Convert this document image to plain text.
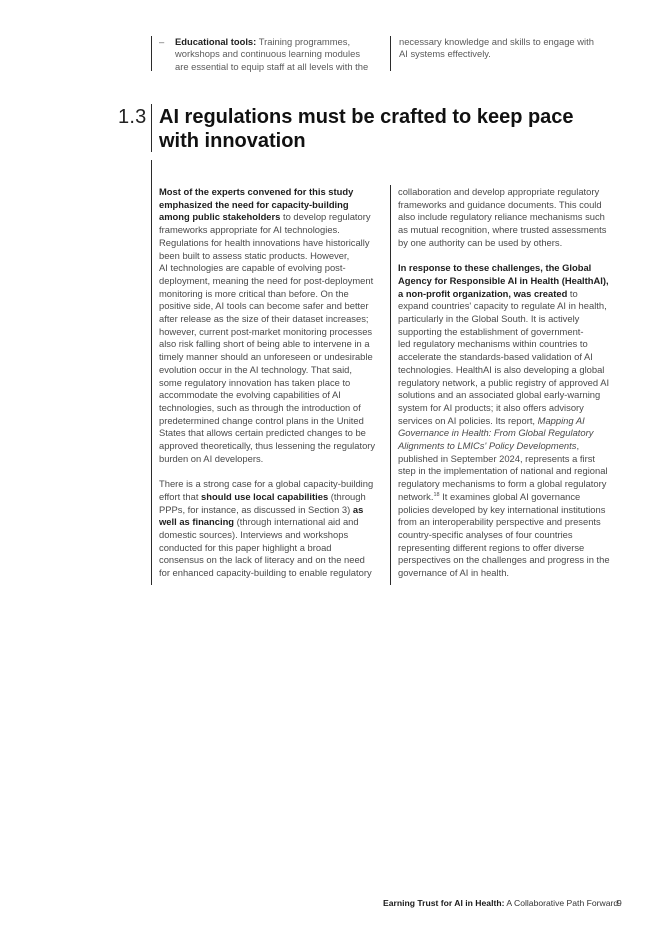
– Educational tools: Training programmes,
workshops and continuous learning modules
are essential to equip staff at all levels with the
necessary knowledge and skills to engage with
AI systems effectively.
1.3 AI regulations must be crafted to keep pace
with innovation

Most of the experts convened for this study
emphasized the need for capacity-building
among public stakeholders to develop regulatory
frameworks appropriate for AI technologies.
Regulations for health innovations have historically
been built to assess static products. However,
AI technologies are capable of evolving post-
deployment, meaning the need for post-deployment
monitoring is more critical than before. On the
positive side, AI tools can become safer and better
after release as the size of their dataset increases;
however, current post-market monitoring processes
also risk falling short of being able to intervene in a
timely manner should an unforeseen or undesirable
evolution occur in the AI technology. That said,
some regulatory innovation has taken place to
accommodate the evolving capabilities of AI
technologies, such as through the introduction of
predetermined change control plans in the United
States that allows certain predicted changes to be
approved theoretically, thus lessening the regulatory
burden on AI developers.

There is a strong case for a global capacity-building
effort that should use local capabilities (through
PPPs, for instance, as discussed in Section 3) as
well as financing (through international aid and
domestic sources). Interviews and workshops
conducted for this paper highlight a broad
consensus on the lack of literacy and on the need
for enhanced capacity-building to enable regulatory

collaboration and develop appropriate regulatory
frameworks and guidance documents. This could
also include regulatory reliance mechanisms such
as mutual recognition, where trusted assessments
by one authority can be used by others.

In response to these challenges, the Global
Agency for Responsible AI in Health (HealthAI),
a non-profit organization, was created to
expand countries' capacity to regulate AI in health,
particularly in the Global South. It is actively
supporting the establishment of government-
led regulatory mechanisms within countries to
accelerate the standards-based validation of AI
technologies. HealthAI is also developing a global
regulatory network, a public registry of approved AI
solutions and an associated global early-warning
system for AI products; it also offers advisory
services on AI policies. Its report, Mapping AI
Governance in Health: From Global Regulatory
Alignments to LMICs' Policy Developments,
published in September 2024, represents a first
step in the implementation of national and regional
regulatory mechanisms to form a global regulatory
network.$^{18}$ It examines global AI governance
policies developed by key international institutions
from an interoperability perspective and presents
country-specific analyses of four countries
representing different regions to offer diverse
perspectives on the challenges and progress in the
governance of AI in health.

Earning Trust for AI in Health: A Collaborative Path Forward
9
